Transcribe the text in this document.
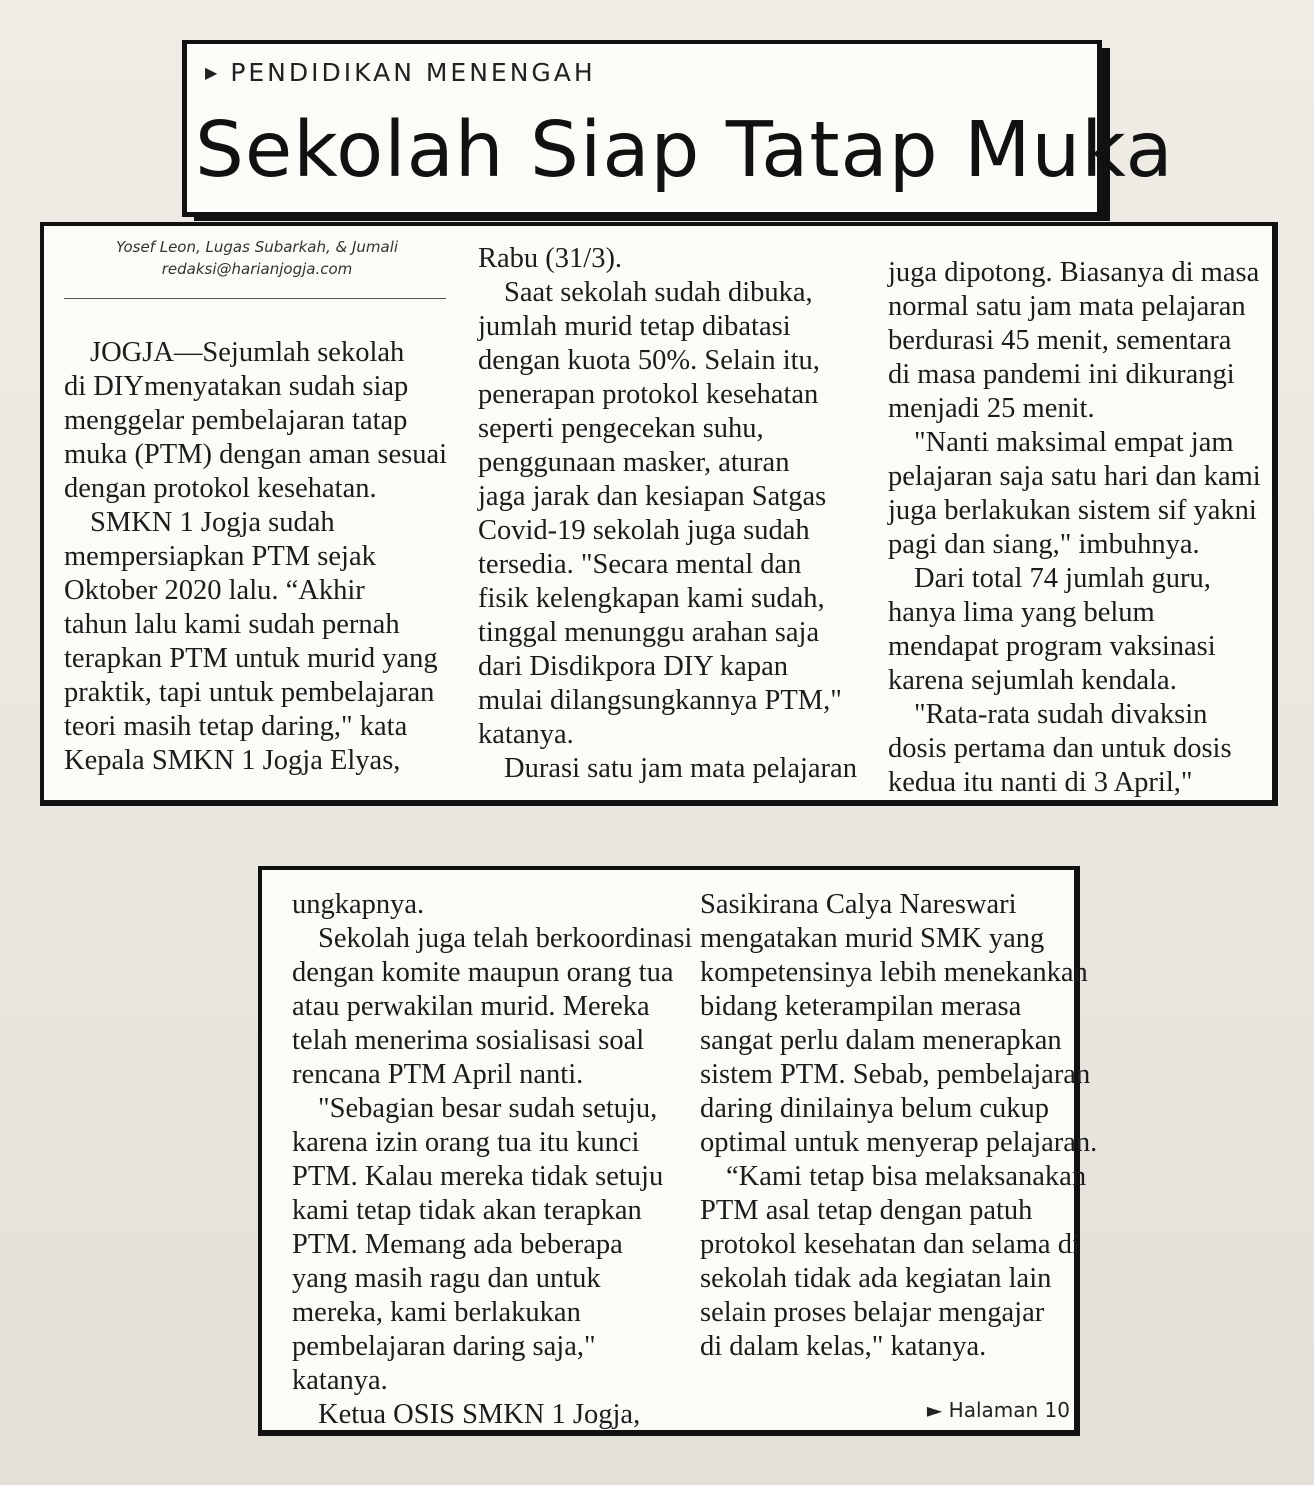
▶ PENDIDIKAN MENENGAH
Sekolah Siap Tatap Muka
Yosef Leon, Lugas Subarkah, & Jumali
redaksi@harianjogja.com

JOGJA—Sejumlah sekolah

di DIYmenyatakan sudah siap

menggelar pembelajaran tatap

muka (PTM) dengan aman sesuai

dengan protokol kesehatan.

SMKN 1 Jogja sudah

mempersiapkan PTM sejak

Oktober 2020 lalu. “Akhir

tahun lalu kami sudah pernah

terapkan PTM untuk murid yang

praktik, tapi untuk pembelajaran

teori masih tetap daring," kata

Kepala SMKN 1 Jogja Elyas,

Rabu (31/3).

Saat sekolah sudah dibuka,

jumlah murid tetap dibatasi

dengan kuota 50%. Selain itu,

penerapan protokol kesehatan

seperti pengecekan suhu,

penggunaan masker, aturan

jaga jarak dan kesiapan Satgas

Covid-19 sekolah juga sudah

tersedia. "Secara mental dan

fisik kelengkapan kami sudah,

tinggal menunggu arahan saja

dari Disdikpora DIY kapan

mulai dilangsungkannya PTM,"

katanya.

Durasi satu jam mata pelajaran

juga dipotong. Biasanya di masa

normal satu jam mata pelajaran

berdurasi 45 menit, sementara

di masa pandemi ini dikurangi

menjadi 25 menit.

"Nanti maksimal empat jam

pelajaran saja satu hari dan kami

juga berlakukan sistem sif yakni

pagi dan siang," imbuhnya.

Dari total 74 jumlah guru,

hanya lima yang belum

mendapat program vaksinasi

karena sejumlah kendala.

"Rata-rata sudah divaksin

dosis pertama dan untuk dosis

kedua itu nanti di 3 April,"

ungkapnya.

Sekolah juga telah berkoordinasi

dengan komite maupun orang tua

atau perwakilan murid. Mereka

telah menerima sosialisasi soal

rencana PTM April nanti.

"Sebagian besar sudah setuju,

karena izin orang tua itu kunci

PTM. Kalau mereka tidak setuju

kami tetap tidak akan terapkan

PTM. Memang ada beberapa

yang masih ragu dan untuk

mereka, kami berlakukan

pembelajaran daring saja,"

katanya.

Ketua OSIS SMKN 1 Jogja,

Sasikirana Calya Nareswari

mengatakan murid SMK yang

kompetensinya lebih menekankan

bidang keterampilan merasa

sangat perlu dalam menerapkan

sistem PTM. Sebab, pembelajaran

daring dinilainya belum cukup

optimal untuk menyerap pelajaran.

“Kami tetap bisa melaksanakan

PTM asal tetap dengan patuh

protokol kesehatan dan selama di

sekolah tidak ada kegiatan lain

selain proses belajar mengajar

di dalam kelas," katanya.

► Halaman 10
